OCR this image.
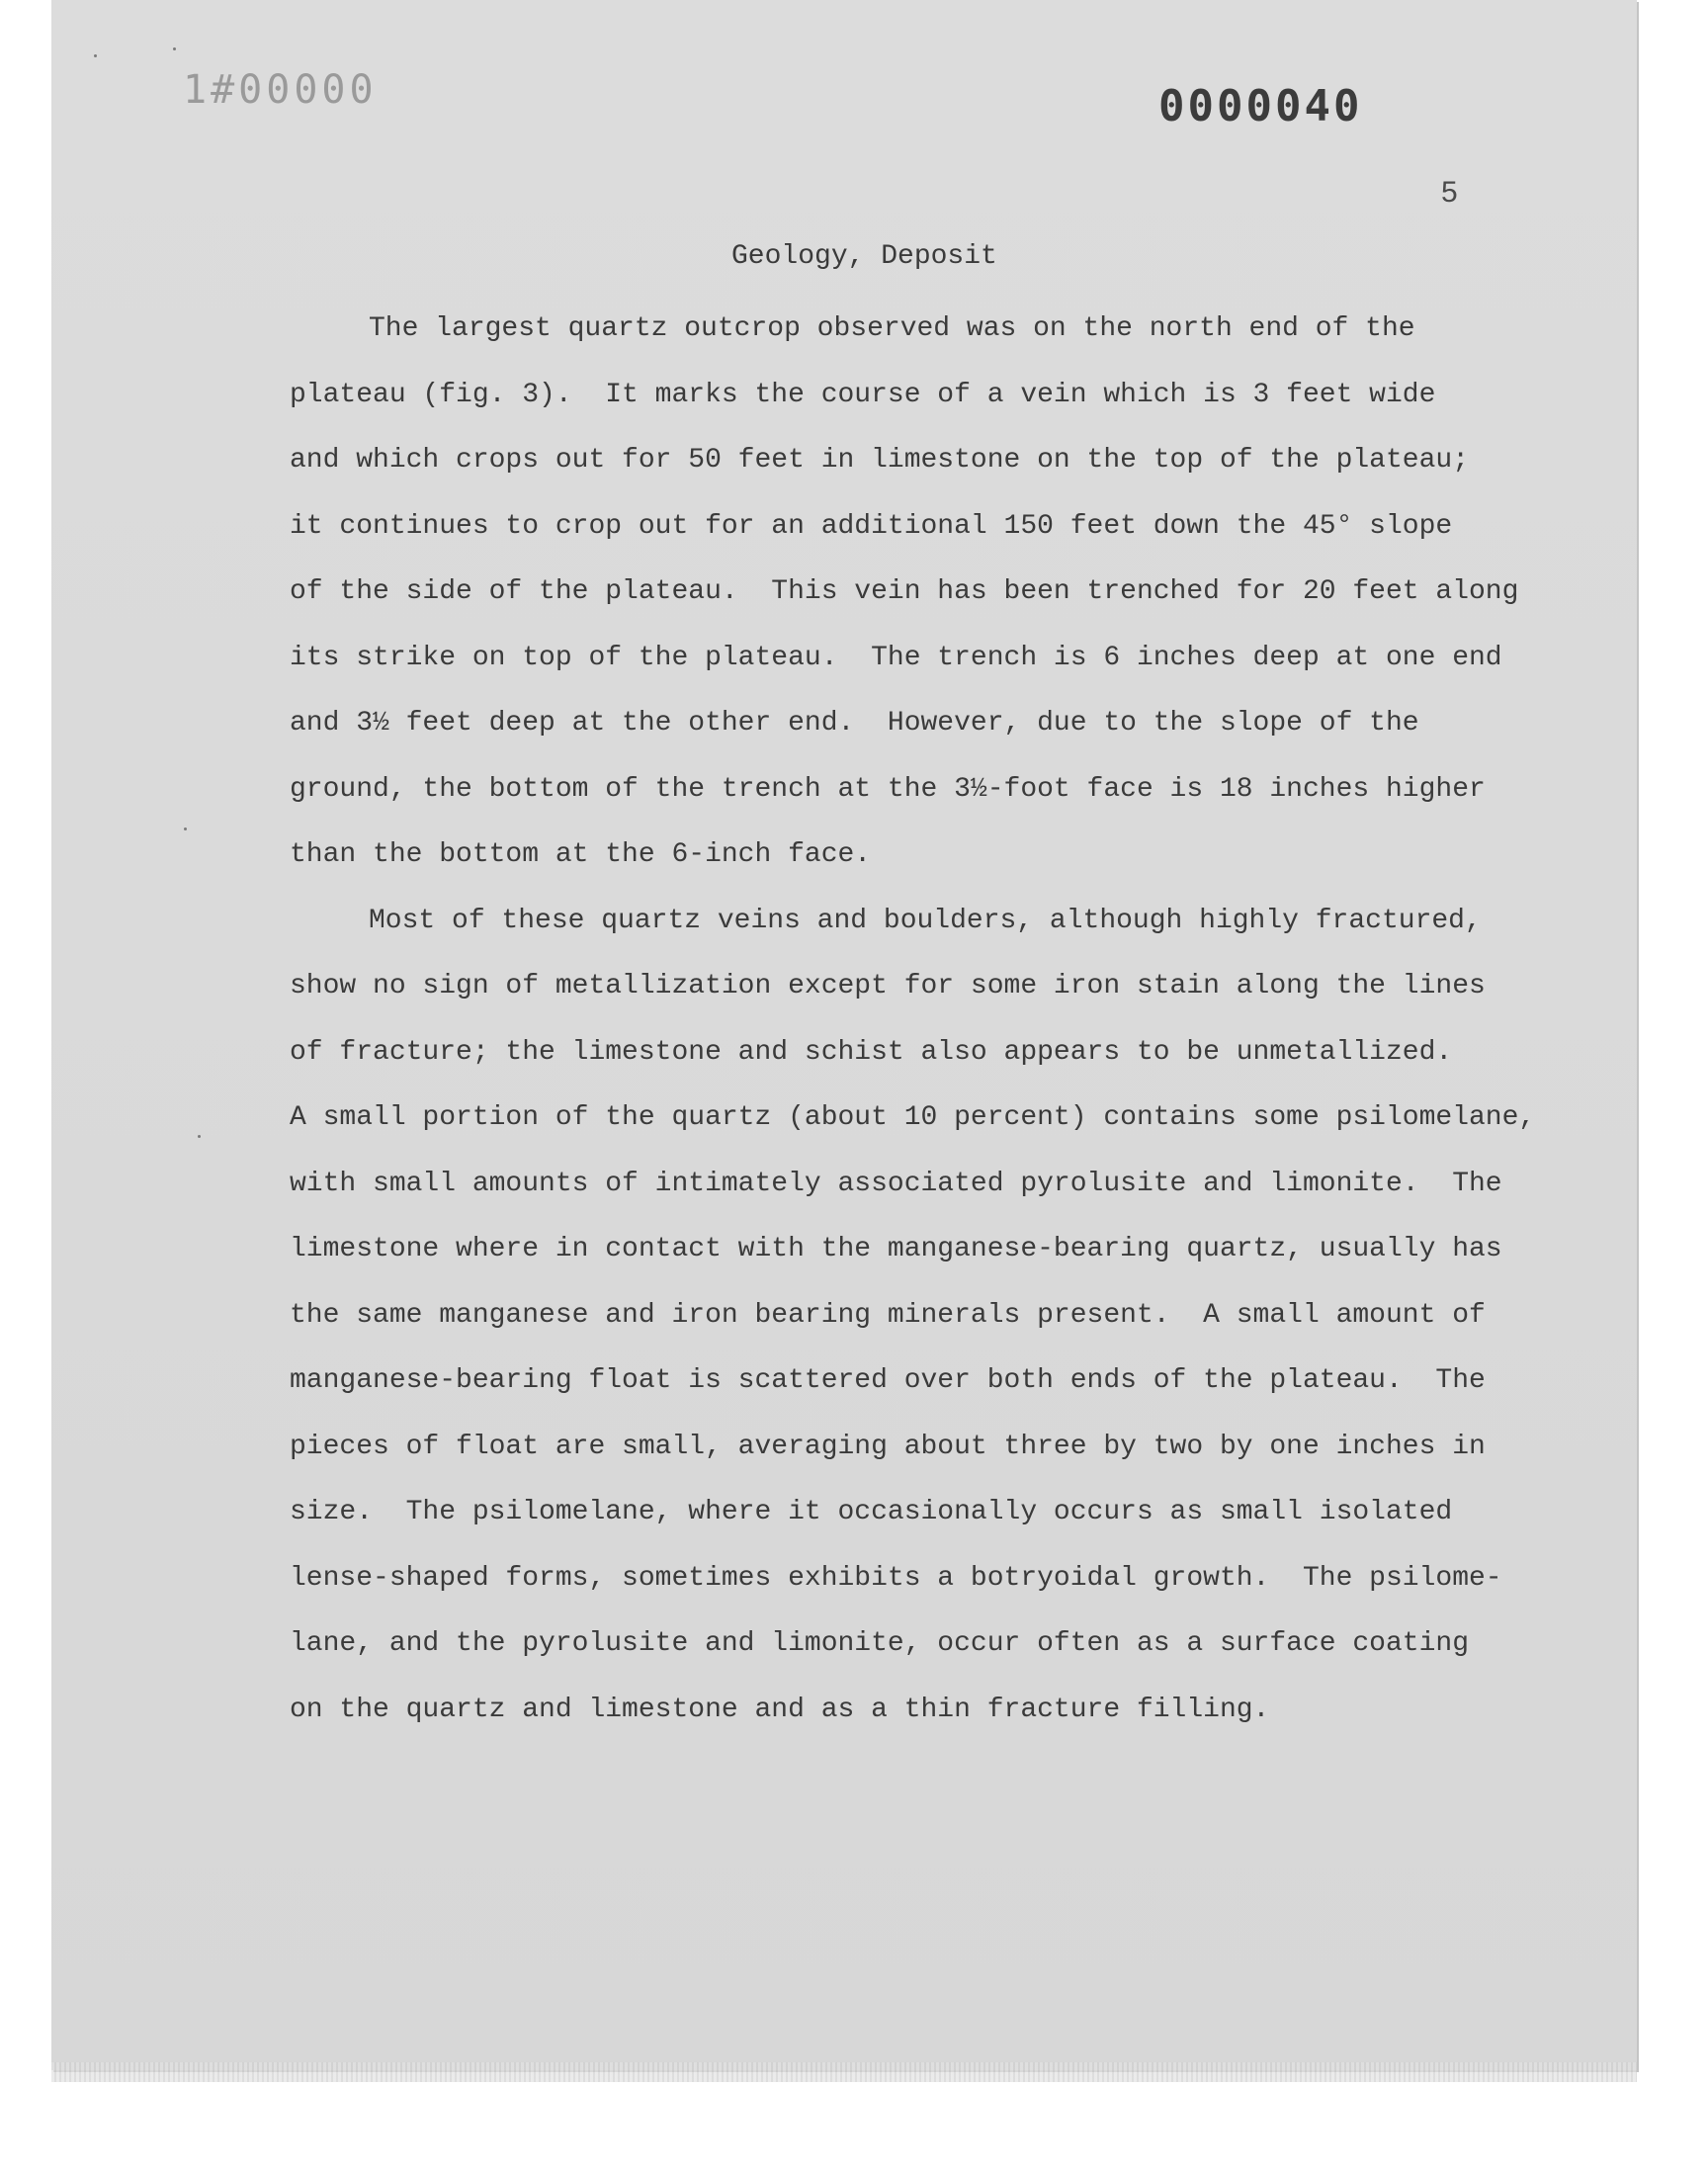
1#00000	0000040
5
Geology, Deposit
The largest quartz outcrop observed was on the north end of the
plateau (fig. 3).  It marks the course of a vein which is 3 feet wide
and which crops out for 50 feet in limestone on the top of the plateau;
it continues to crop out for an additional 150 feet down the 45° slope
of the side of the plateau.  This vein has been trenched for 20 feet along
its strike on top of the plateau.  The trench is 6 inches deep at one end
and 3½ feet deep at the other end.  However, due to the slope of the
ground, the bottom of the trench at the 3½-foot face is 18 inches higher
than the bottom at the 6-inch face.
Most of these quartz veins and boulders, although highly fractured,
show no sign of metallization except for some iron stain along the lines
of fracture; the limestone and schist also appears to be unmetallized.
A small portion of the quartz (about 10 percent) contains some psilomelane,
with small amounts of intimately associated pyrolusite and limonite.  The
limestone where in contact with the manganese-bearing quartz, usually has
the same manganese and iron bearing minerals present.  A small amount of
manganese-bearing float is scattered over both ends of the plateau.  The
pieces of float are small, averaging about three by two by one inches in
size.  The psilomelane, where it occasionally occurs as small isolated
lense-shaped forms, sometimes exhibits a botryoidal growth.  The psilome-
lane, and the pyrolusite and limonite, occur often as a surface coating
on the quartz and limestone and as a thin fracture filling.
